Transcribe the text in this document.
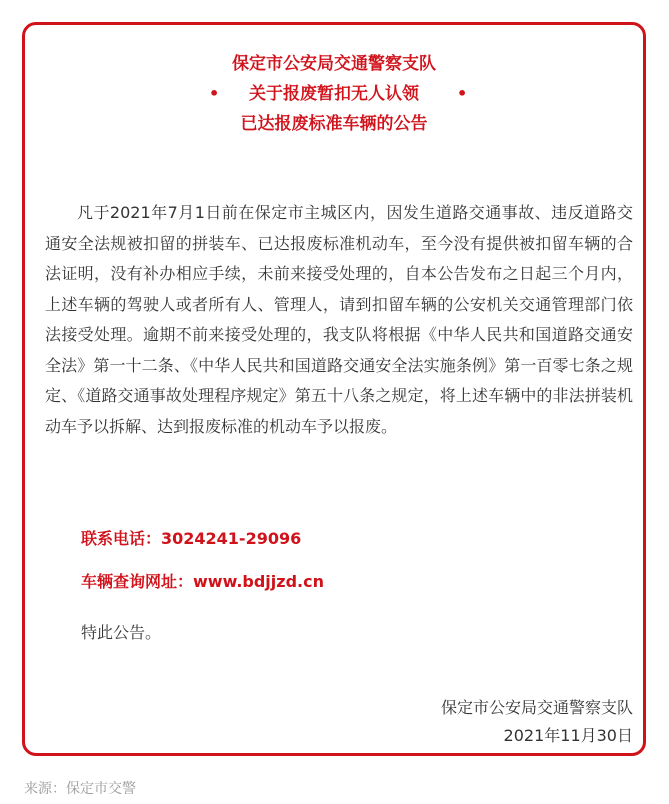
保定市公安局交通警察支队
•	关于报废暂扣无人认领	•
已达报废标准车辆的公告

凡于2021年7月1日前在保定市主城区内，因发生道路交通事故、违反道路交通安全法规被扣留的拼装车、已达报废标准机动车，至今没有提供被扣留车辆的合法证明，没有补办相应手续，未前来接受处理的，自本公告发布之日起三个月内，上述车辆的驾驶人或者所有人、管理人，请到扣留车辆的公安机关交通管理部门依法接受处理。逾期不前来接受处理的，我支队将根据《中华人民共和国道路交通安全法》第一十二条、《中华人民共和国道路交通安全法实施条例》第一百零七条之规定、《道路交通事故处理程序规定》第五十八条之规定，将上述车辆中的非法拼装机动车予以拆解、达到报废标准的机动车予以报废。

联系电话：3024241-29096

车辆查询网址：www.bdjjzd.cn

特此公告。

保定市公安局交通警察支队

2021年11月30日

来源：保定市交警
